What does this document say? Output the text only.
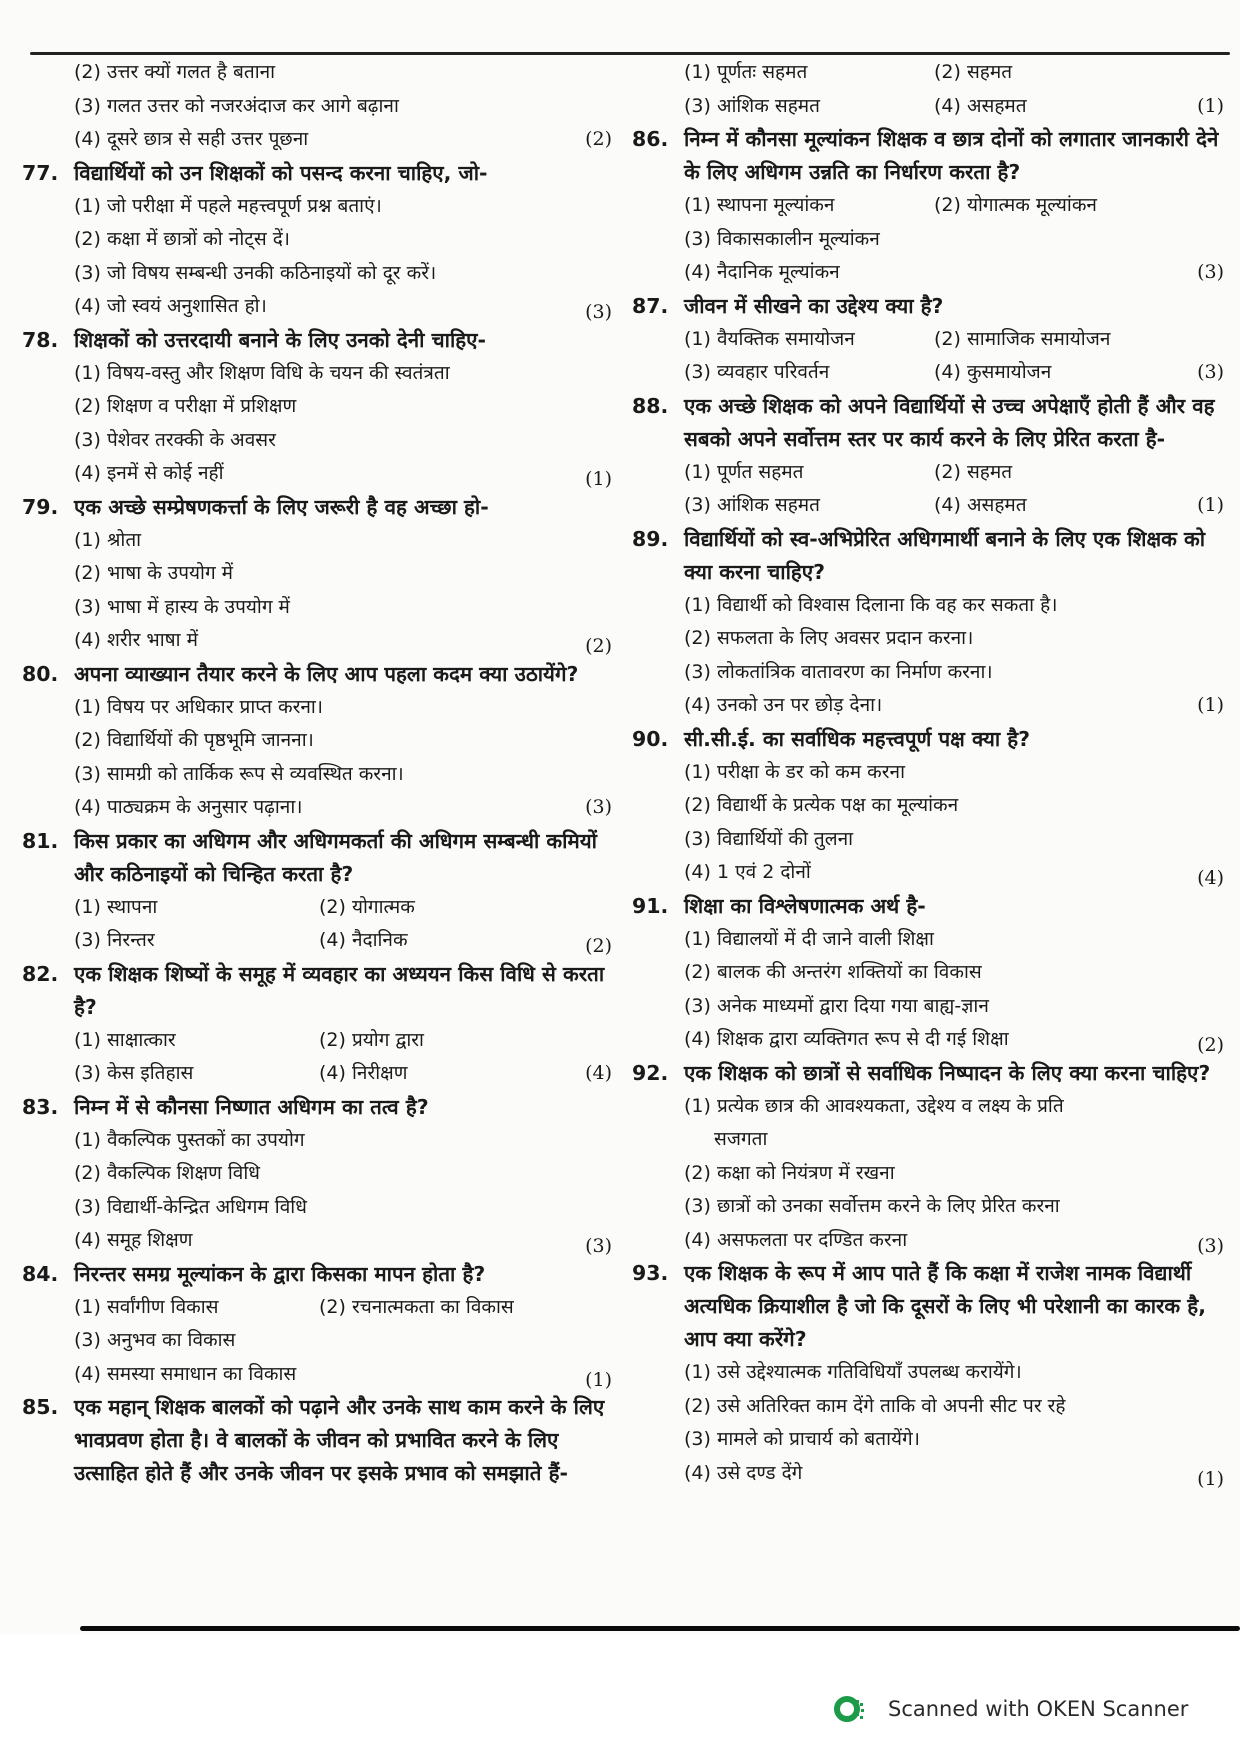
(2) उत्तर क्यों गलत है बताना
(3) गलत उत्तर को नजरअंदाज कर आगे बढ़ाना
(4) दूसरे छात्र से सही उत्तर पूछना	(2)
77. विद्यार्थियों को उन शिक्षकों को पसन्द करना चाहिए, जो-
(1) जो परीक्षा में पहले महत्त्वपूर्ण प्रश्न बताएं।
(2) कक्षा में छात्रों को नोट्स दें।
(3) जो विषय सम्बन्धी उनकी कठिनाइयों को दूर करें।
(4) जो स्वयं अनुशासित हो।	(3)
78. शिक्षकों को उत्तरदायी बनाने के लिए उनको देनी चाहिए-
(1) विषय-वस्तु और शिक्षण विधि के चयन की स्वतंत्रता
(2) शिक्षण व परीक्षा में प्रशिक्षण
(3) पेशेवर तरक्की के अवसर
(4) इनमें से कोई नहीं	(1)
79. एक अच्छे सम्प्रेषणकर्त्ता के लिए जरूरी है वह अच्छा हो-
(1) श्रोता
(2) भाषा के उपयोग में
(3) भाषा में हास्य के उपयोग में
(4) शरीर भाषा में	(2)
80. अपना व्याख्यान तैयार करने के लिए आप पहला कदम क्या उठायेंगे?
(1) विषय पर अधिकार प्राप्त करना।
(2) विद्यार्थियों की पृष्ठभूमि जानना।
(3) सामग्री को तार्किक रूप से व्यवस्थित करना।
(4) पाठ्यक्रम के अनुसार पढ़ाना।	(3)
81. किस प्रकार का अधिगम और अधिगमकर्ता की अधिगम सम्बन्धी कमियों और कठिनाइयों को चिन्हित करता है?
(1) स्थापना	(2) योगात्मक
(3) निरन्तर	(4) नैदानिक	(2)
82. एक शिक्षक शिष्यों के समूह में व्यवहार का अध्ययन किस विधि से करता है?
(1) साक्षात्कार	(2) प्रयोग द्वारा
(3) केस इतिहास	(4) निरीक्षण	(4)
83. निम्न में से कौनसा निष्णात अधिगम का तत्व है?
(1) वैकल्पिक पुस्तकों का उपयोग
(2) वैकल्पिक शिक्षण विधि
(3) विद्यार्थी-केन्द्रित अधिगम विधि
(4) समूह शिक्षण	(3)
84. निरन्तर समग्र मूल्यांकन के द्वारा किसका मापन होता है?
(1) सर्वांगीण विकास	(2) रचनात्मकता का विकास
(3) अनुभव का विकास
(4) समस्या समाधान का विकास	(1)
85. एक महान् शिक्षक बालकों को पढ़ाने और उनके साथ काम करने के लिए भावप्रवण होता है। वे बालकों के जीवन को प्रभावित करने के लिए उत्साहित होते हैं और उनके जीवन पर इसके प्रभाव को समझाते हैं-
(1) पूर्णतः सहमत	(2) सहमत
(3) आंशिक सहमत	(4) असहमत	(1)
86. निम्न में कौनसा मूल्यांकन शिक्षक व छात्र दोनों को लगातार जानकारी देने के लिए अधिगम उन्नति का निर्धारण करता है?
(1) स्थापना मूल्यांकन	(2) योगात्मक मूल्यांकन
(3) विकासकालीन मूल्यांकन
(4) नैदानिक मूल्यांकन	(3)
87. जीवन में सीखने का उद्देश्य क्या है?
(1) वैयक्तिक समायोजन	(2) सामाजिक समायोजन
(3) व्यवहार परिवर्तन	(4) कुसमायोजन	(3)
88. एक अच्छे शिक्षक को अपने विद्यार्थियों से उच्च अपेक्षाएँ होती हैं और वह सबको अपने सर्वोत्तम स्तर पर कार्य करने के लिए प्रेरित करता है-
(1) पूर्णत सहमत	(2) सहमत
(3) आंशिक सहमत	(4) असहमत	(1)
89. विद्यार्थियों को स्व-अभिप्रेरित अधिगमार्थी बनाने के लिए एक शिक्षक को क्या करना चाहिए?
(1) विद्यार्थी को विश्वास दिलाना कि वह कर सकता है।
(2) सफलता के लिए अवसर प्रदान करना।
(3) लोकतांत्रिक वातावरण का निर्माण करना।
(4) उनको उन पर छोड़ देना।	(1)
90. सी.सी.ई. का सर्वाधिक महत्त्वपूर्ण पक्ष क्या है?
(1) परीक्षा के डर को कम करना
(2) विद्यार्थी के प्रत्येक पक्ष का मूल्यांकन
(3) विद्यार्थियों की तुलना
(4) 1 एवं 2 दोनों	(4)
91. शिक्षा का विश्लेषणात्मक अर्थ है-
(1) विद्यालयों में दी जाने वाली शिक्षा
(2) बालक की अन्तरंग शक्तियों का विकास
(3) अनेक माध्यमों द्वारा दिया गया बाह्य-ज्ञान
(4) शिक्षक द्वारा व्यक्तिगत रूप से दी गई शिक्षा	(2)
92. एक शिक्षक को छात्रों से सर्वाधिक निष्पादन के लिए क्या करना चाहिए?
(1) प्रत्येक छात्र की आवश्यकता, उद्देश्य व लक्ष्य के प्रति
सजगता
(2) कक्षा को नियंत्रण में रखना
(3) छात्रों को उनका सर्वोत्तम करने के लिए प्रेरित करना
(4) असफलता पर दण्डित करना	(3)
93. एक शिक्षक के रूप में आप पाते हैं कि कक्षा में राजेश नामक विद्यार्थी अत्यधिक क्रियाशील है जो कि दूसरों के लिए भी परेशानी का कारक है, आप क्या करेंगे?
(1) उसे उद्देश्यात्मक गतिविधियाँ उपलब्ध करायेंगे।
(2) उसे अतिरिक्त काम देंगे ताकि वो अपनी सीट पर रहे
(3) मामले को प्राचार्य को बतायेंगे।
(4) उसे दण्ड देंगे	(1)
Scanned with OKEN Scanner
